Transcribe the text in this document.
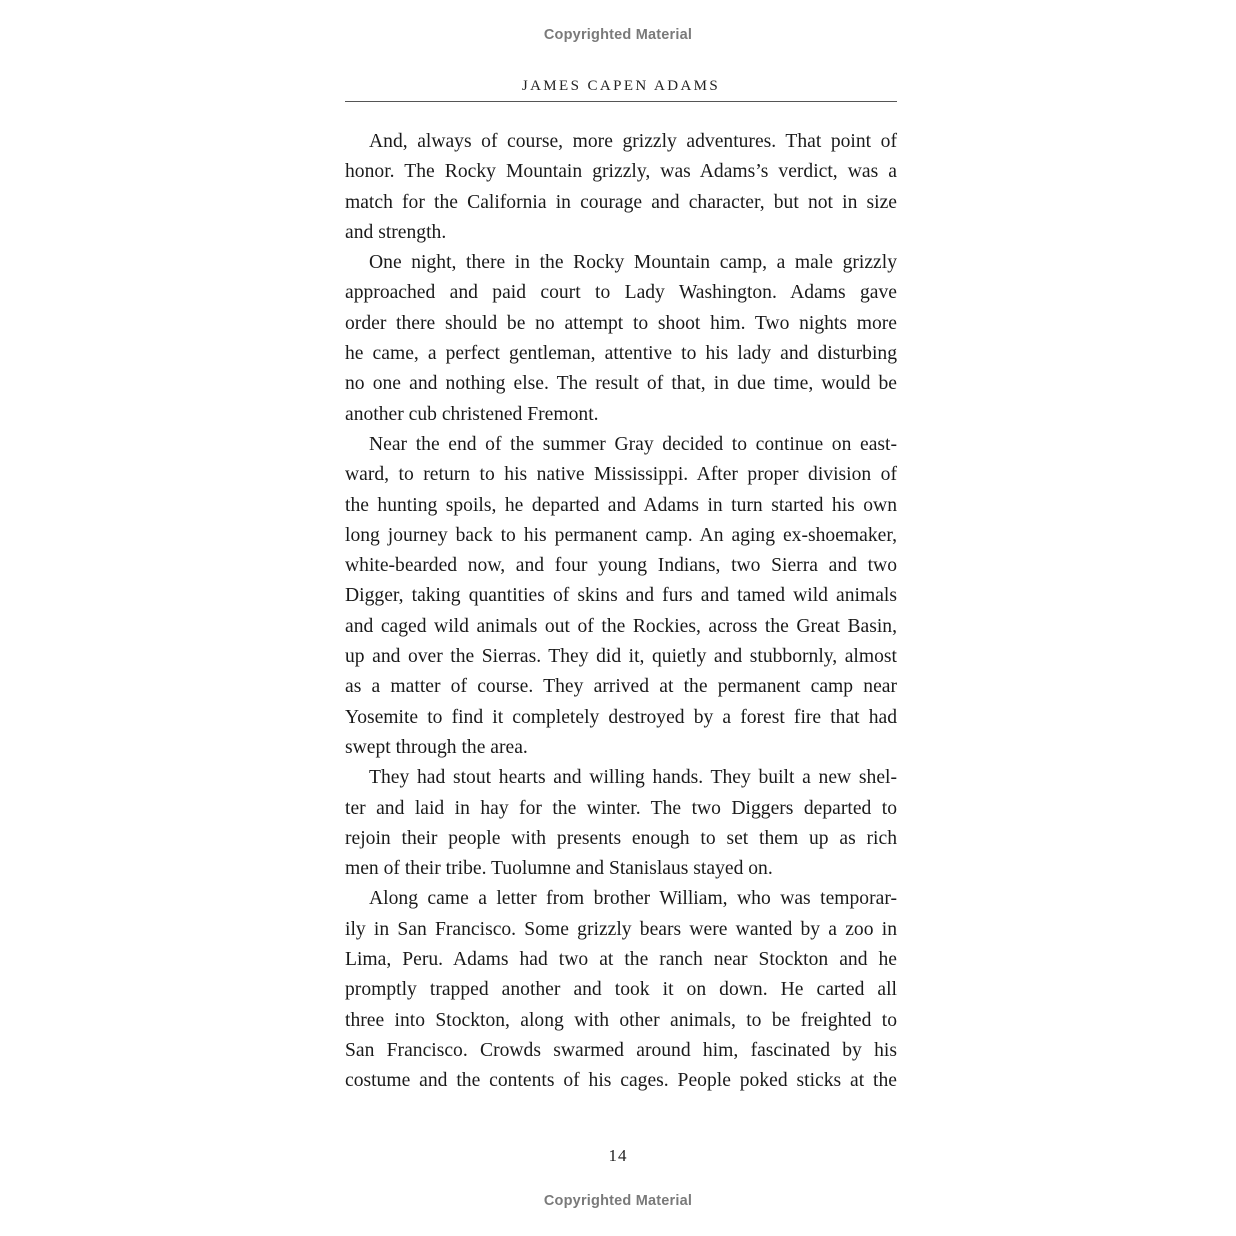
Copyrighted Material
JAMES CAPEN ADAMS
And, always of course, more grizzly adventures. That point of
honor. The Rocky Mountain grizzly, was Adams’s verdict, was a
match for the California in courage and character, but not in size
and strength.
One night, there in the Rocky Mountain camp, a male grizzly
approached and paid court to Lady Washington. Adams gave
order there should be no attempt to shoot him. Two nights more
he came, a perfect gentleman, attentive to his lady and disturbing
no one and nothing else. The result of that, in due time, would be
another cub christened Fremont.
Near the end of the summer Gray decided to continue on east-
ward, to return to his native Mississippi. After proper division of
the hunting spoils, he departed and Adams in turn started his own
long journey back to his permanent camp. An aging ex-shoemaker,
white-bearded now, and four young Indians, two Sierra and two
Digger, taking quantities of skins and furs and tamed wild animals
and caged wild animals out of the Rockies, across the Great Basin,
up and over the Sierras. They did it, quietly and stubbornly, almost
as a matter of course. They arrived at the permanent camp near
Yosemite to find it completely destroyed by a forest fire that had
swept through the area.
They had stout hearts and willing hands. They built a new shel-
ter and laid in hay for the winter. The two Diggers departed to
rejoin their people with presents enough to set them up as rich
men of their tribe. Tuolumne and Stanislaus stayed on.
Along came a letter from brother William, who was temporar-
ily in San Francisco. Some grizzly bears were wanted by a zoo in
Lima, Peru. Adams had two at the ranch near Stockton and he
promptly trapped another and took it on down. He carted all
three into Stockton, along with other animals, to be freighted to
San Francisco. Crowds swarmed around him, fascinated by his
costume and the contents of his cages. People poked sticks at the
14
Copyrighted Material
